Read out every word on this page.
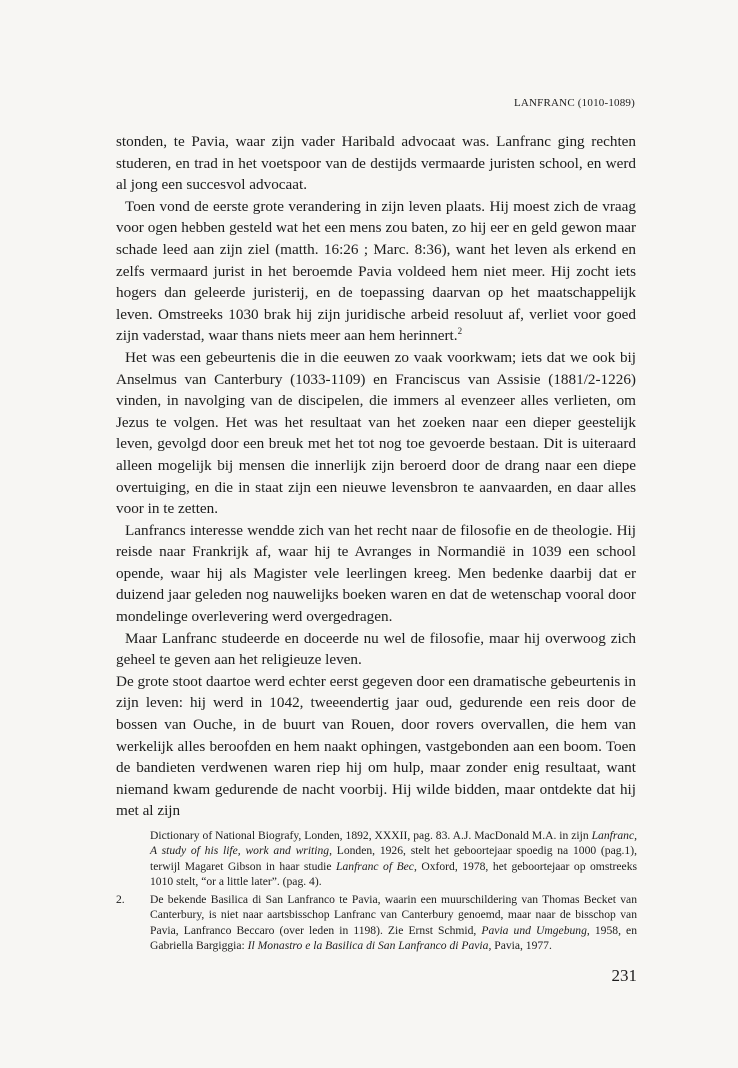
LANFRANC (1010-1089)

stonden, te Pavia, waar zijn vader Haribald advocaat was. Lanfranc ging rechten studeren, en trad in het voetspoor van de destijds vermaarde juristen school, en werd al jong een succesvol advocaat.

Toen vond de eerste grote verandering in zijn leven plaats. Hij moest zich de vraag voor ogen hebben gesteld wat het een mens zou baten, zo hij eer en geld gewon maar schade leed aan zijn ziel (matth. 16:26 ; Marc. 8:36), want het leven als erkend en zelfs vermaard jurist in het beroemde Pavia voldeed hem niet meer. Hij zocht iets hogers dan geleerde juristerij, en de toepassing daarvan op het maatschappelijk leven. Omstreeks 1030 brak hij zijn juridische arbeid resoluut af, verliet voor goed zijn vaderstad, waar thans niets meer aan hem herinnert.$^2$

Het was een gebeurtenis die in die eeuwen zo vaak voorkwam; iets dat we ook bij Anselmus van Canterbury (1033-1109) en Franciscus van Assisie (1881/2-1226) vinden, in navolging van de discipelen, die immers al evenzeer alles verlieten, om Jezus te volgen. Het was het resultaat van het zoeken naar een dieper geestelijk leven, gevolgd door een breuk met het tot nog toe gevoerde bestaan. Dit is uiteraard alleen mogelijk bij mensen die innerlijk zijn beroerd door de drang naar een diepe overtuiging, en die in staat zijn een nieuwe levensbron te aanvaarden, en daar alles voor in te zetten.

Lanfrancs interesse wendde zich van het recht naar de filosofie en de theologie. Hij reisde naar Frankrijk af, waar hij te Avranges in Normandië in 1039 een school opende, waar hij als Magister vele leerlingen kreeg. Men bedenke daarbij dat er duizend jaar geleden nog nauwelijks boeken waren en dat de wetenschap vooral door mondelinge overlevering werd overgedragen.

Maar Lanfranc studeerde en doceerde nu wel de filosofie, maar hij overwoog zich geheel te geven aan het religieuze leven.

De grote stoot daartoe werd echter eerst gegeven door een dramatische gebeurtenis in zijn leven: hij werd in 1042, tweeendertig jaar oud, gedurende een reis door de bossen van Ouche, in de buurt van Rouen, door rovers overvallen, die hem van werkelijk alles beroofden en hem naakt ophingen, vastgebonden aan een boom. Toen de bandieten verdwenen waren riep hij om hulp, maar zonder enig resultaat, want niemand kwam gedurende de nacht voorbij. Hij wilde bidden, maar ontdekte dat hij met al zijn

Dictionary of National Biografy, Londen, 1892, XXXII, pag. 83. A.J. MacDonald M.A. in zijn Lanfranc, A study of his life, work and writing, Londen, 1926, stelt het geboortejaar spoedig na 1000 (pag.1), terwijl Magaret Gibson in haar studie Lanfranc of Bec, Oxford, 1978, het geboortejaar op omstreeks 1010 stelt, “or a little later”. (pag. 4).

2.	De bekende Basilica di San Lanfranco te Pavia, waarin een muurschildering van Thomas Becket van Canterbury, is niet naar aartsbisschop Lanfranc van Canterbury genoemd, maar naar de bisschop van Pavia, Lanfranco Beccaro (over leden in 1198). Zie Ernst Schmid, Pavia und Umgebung, 1958, en Gabriella Bargiggia: Il Monastro e la Basilica di San Lanfranco di Pavia, Pavia, 1977.
231
